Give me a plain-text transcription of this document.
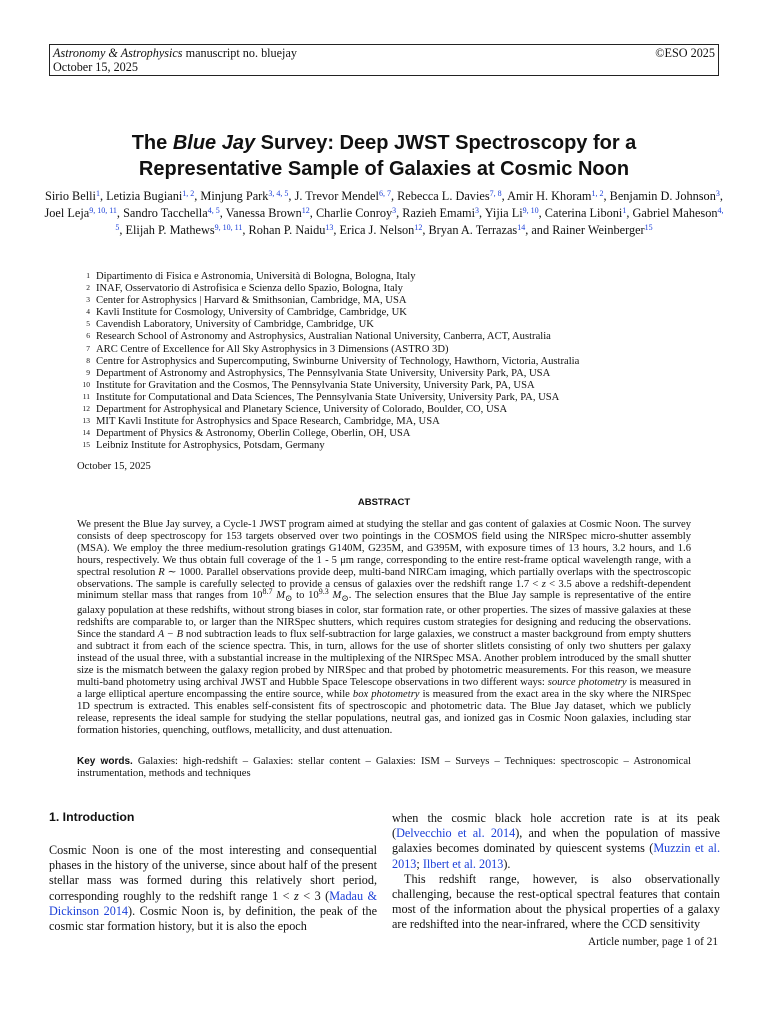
Astronomy & Astrophysics manuscript no. bluejay
October 15, 2025
©ESO 2025
The Blue Jay Survey: Deep JWST Spectroscopy for a
Representative Sample of Galaxies at Cosmic Noon
Sirio Belli$^1$, Letizia Bugiani$^{1, 2}$, Minjung Park$^{3, 4, 5}$, J. Trevor Mendel$^{6, 7}$, Rebecca L. Davies$^{7, 8}$, Amir H. Khoram$^{1, 2}$, Benjamin D. Johnson$^3$, Joel Leja$^{9, 10, 11}$, Sandro Tacchella$^{4, 5}$, Vanessa Brown$^{12}$, Charlie Conroy$^3$, Razieh Emami$^3$, Yijia Li$^{9, 10}$, Caterina Liboni$^1$, Gabriel Maheson$^{4, 5}$, Elijah P. Mathews$^{9, 10, 11}$, Rohan P. Naidu$^{13}$, Erica J. Nelson$^{12}$, Bryan A. Terrazas$^{14}$, and Rainer Weinberger$^{15}$
1 Dipartimento di Fisica e Astronomia, Università di Bologna, Bologna, Italy
2 INAF, Osservatorio di Astrofisica e Scienza dello Spazio, Bologna, Italy
3 Center for Astrophysics | Harvard & Smithsonian, Cambridge, MA, USA
4 Kavli Institute for Cosmology, University of Cambridge, Cambridge, UK
5 Cavendish Laboratory, University of Cambridge, Cambridge, UK
6 Research School of Astronomy and Astrophysics, Australian National University, Canberra, ACT, Australia
7 ARC Centre of Excellence for All Sky Astrophysics in 3 Dimensions (ASTRO 3D)
8 Centre for Astrophysics and Supercomputing, Swinburne University of Technology, Hawthorn, Victoria, Australia
9 Department of Astronomy and Astrophysics, The Pennsylvania State University, University Park, PA, USA
10 Institute for Gravitation and the Cosmos, The Pennsylvania State University, University Park, PA, USA
11 Institute for Computational and Data Sciences, The Pennsylvania State University, University Park, PA, USA
12 Department for Astrophysical and Planetary Science, University of Colorado, Boulder, CO, USA
13 MIT Kavli Institute for Astrophysics and Space Research, Cambridge, MA, USA
14 Department of Physics & Astronomy, Oberlin College, Oberlin, OH, USA
15 Leibniz Institute for Astrophysics, Potsdam, Germany
October 15, 2025
ABSTRACT
We present the Blue Jay survey, a Cycle-1 JWST program aimed at studying the stellar and gas content of galaxies at Cosmic Noon. The survey consists of deep spectroscopy for 153 targets observed over two pointings in the COSMOS field using the NIRSpec micro-shutter assembly (MSA). We employ the three medium-resolution gratings G140M, G235M, and G395M, with exposure times of 13 hours, 3.2 hours, and 1.6 hours, respectively. We thus obtain full coverage of the 1 - 5 μm range, corresponding to the entire rest-frame optical wavelength range, with a spectral resolution R ∼ 1000. Parallel observations provide deep, multi-band NIRCam imaging, which partially overlaps with the spectroscopic observations. The sample is carefully selected to provide a census of galaxies over the redshift range 1.7 < z < 3.5 above a redshift-dependent minimum stellar mass that ranges from $10^{8.7}$ $M_⊙$ to $10^{9.3}$ $M_⊙$. The selection ensures that the Blue Jay sample is representative of the entire galaxy population at these redshifts, without strong biases in color, star formation rate, or other properties. The sizes of massive galaxies at these redshifts are comparable to, or larger than the NIRSpec shutters, which requires custom strategies for designing and reducing the observations. Since the standard A − B nod subtraction leads to flux self-subtraction for large galaxies, we construct a master background from empty shutters and subtract it from each of the science spectra. This, in turn, allows for the use of shorter slitlets consisting of only two shutters per galaxy instead of the usual three, with a substantial increase in the multiplexing of the NIRSpec MSA. Another problem introduced by the small shutter size is the mismatch between the galaxy region probed by NIRSpec and that probed by photometric measurements. For this reason, we measure multi-band photometry using archival JWST and Hubble Space Telescope observations in two different ways: source photometry is measured in a large elliptical aperture encompassing the entire source, while box photometry is measured from the exact area in the sky where the NIRSpec 1D spectrum is extracted. This enables self-consistent fits of spectroscopic and photometric data. The Blue Jay dataset, which we publicly release, represents the ideal sample for studying the stellar populations, neutral gas, and ionized gas in Cosmic Noon galaxies, including star formation histories, quenching, outflows, metallicity, and dust attenuation.
Key words. Galaxies: high-redshift – Galaxies: stellar content – Galaxies: ISM – Surveys – Techniques: spectroscopic – Astronomical instrumentation, methods and techniques
1. Introduction
Cosmic Noon is one of the most interesting and consequential phases in the history of the universe, since about half of the present stellar mass was formed during this relatively short period, corresponding roughly to the redshift range 1 < z < 3 (Madau & Dickinson 2014). Cosmic Noon is, by definition, the peak of the cosmic star formation history, but it is also the epoch

when the cosmic black hole accretion rate is at its peak (Delvecchio et al. 2014), and when the population of massive galaxies becomes dominated by quiescent systems (Muzzin et al. 2013; Ilbert et al. 2013).

This redshift range, however, is also observationally challenging, because the rest-optical spectral features that contain most of the information about the physical properties of a galaxy are redshifted into the near-infrared, where the CCD sensitivity

Article number, page 1 of 21
